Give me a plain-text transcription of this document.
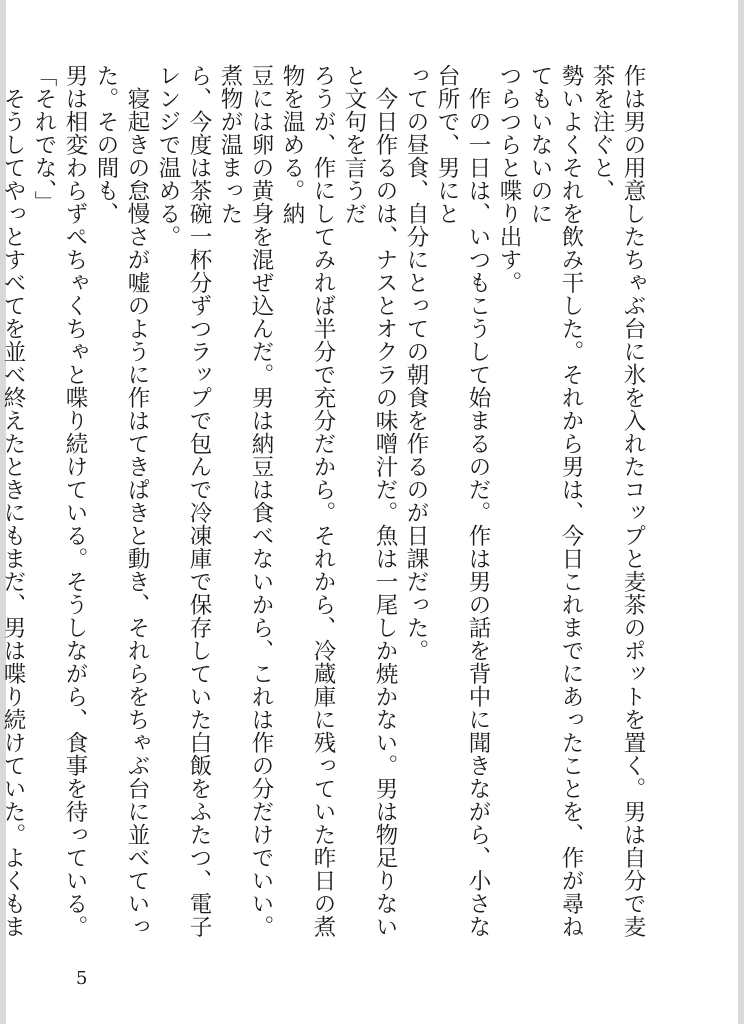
作は男の用意したちゃぶ台に氷を入れたコップと麦茶のポットを置く。男は自分で麦茶を注ぐと、

勢いよくそれを飲み干した。それから男は、今日これまでにあったことを、作が尋ねてもいないのに

つらつらと喋り出す。

　作の一日は、いつもこうして始まるのだ。作は男の話を背中に聞きながら、小さな台所で、男にと

っての昼食、自分にとっての朝食を作るのが日課だった。

　今日作るのは、ナスとオクラの味噌汁だ。魚は一尾しか焼かない。男は物足りないと文句を言うだ

ろうが、作にしてみれば半分で充分だから。それから、冷蔵庫に残っていた昨日の煮物を温める。納

豆には卵の黄身を混ぜ込んだ。男は納豆は食べないから、これは作の分だけでいい。煮物が温まった

ら、今度は茶碗一杯分ずつラップで包んで冷凍庫で保存していた白飯をふたつ、電子レンジで温める。

　寝起きの怠慢さが嘘のように作はてきぱきと動き、それらをちゃぶ台に並べていった。その間も、

男は相変わらずぺちゃくちゃと喋り続けている。そうしながら、食事を待っている。

「それでな、」

　そうしてやっとすべてを並べ終えたときにもまだ、男は喋り続けていた。よくもま

5
